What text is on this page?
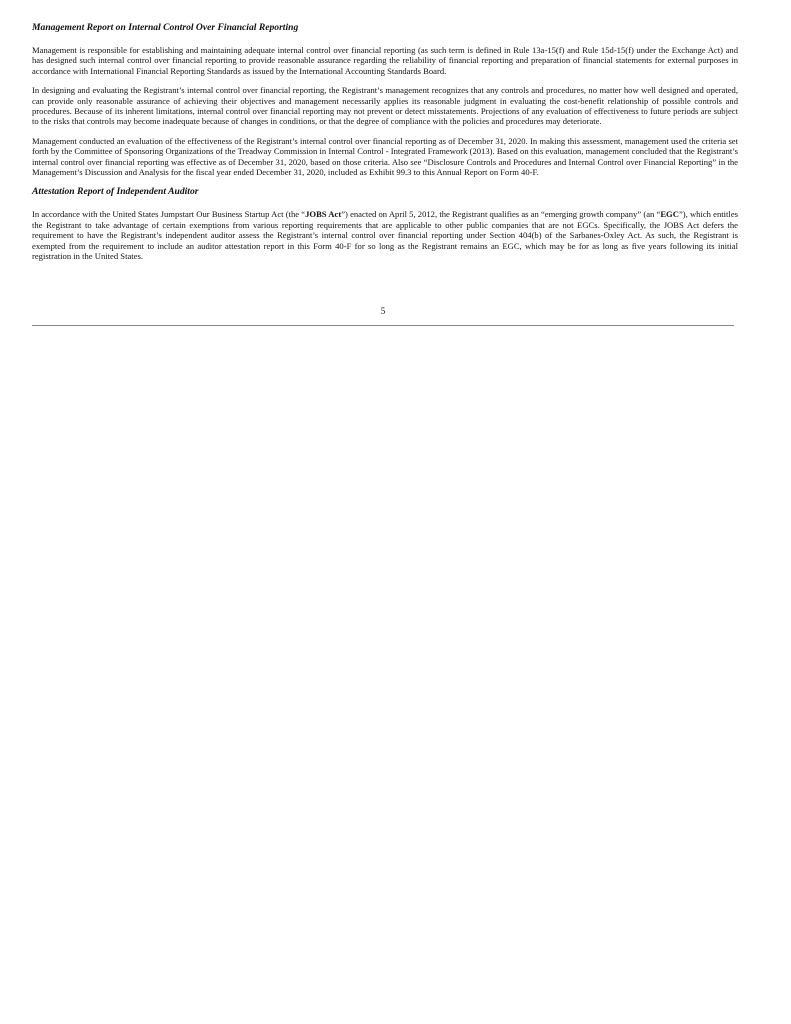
Management Report on Internal Control Over Financial Reporting

Management is responsible for establishing and maintaining adequate internal control over financial reporting (as such term is defined in Rule 13a-15(f) and Rule 15d-15(f) under the Exchange Act) and has designed such internal control over financial reporting to provide reasonable assurance regarding the reliability of financial reporting and preparation of financial statements for external purposes in accordance with International Financial Reporting Standards as issued by the International Accounting Standards Board.

In designing and evaluating the Registrant’s internal control over financial reporting, the Registrant’s management recognizes that any controls and procedures, no matter how well designed and operated, can provide only reasonable assurance of achieving their objectives and management necessarily applies its reasonable judgment in evaluating the cost-benefit relationship of possible controls and procedures. Because of its inherent limitations, internal control over financial reporting may not prevent or detect misstatements. Projections of any evaluation of effectiveness to future periods are subject to the risks that controls may become inadequate because of changes in conditions, or that the degree of compliance with the policies and procedures may deteriorate.

Management conducted an evaluation of the effectiveness of the Registrant’s internal control over financial reporting as of December 31, 2020. In making this assessment, management used the criteria set forth by the Committee of Sponsoring Organizations of the Treadway Commission in Internal Control - Integrated Framework (2013). Based on this evaluation, management concluded that the Registrant’s internal control over financial reporting was effective as of December 31, 2020, based on those criteria. Also see “Disclosure Controls and Procedures and Internal Control over Financial Reporting” in the Management’s Discussion and Analysis for the fiscal year ended December 31, 2020, included as Exhibit 99.3 to this Annual Report on Form 40-F.

Attestation Report of Independent Auditor

In accordance with the United States Jumpstart Our Business Startup Act (the “JOBS Act”) enacted on April 5, 2012, the Registrant qualifies as an “emerging growth company” (an “EGC”), which entitles the Registrant to take advantage of certain exemptions from various reporting requirements that are applicable to other public companies that are not EGCs. Specifically, the JOBS Act defers the requirement to have the Registrant’s independent auditor assess the Registrant’s internal control over financial reporting under Section 404(b) of the Sarbanes-Oxley Act. As such, the Registrant is exempted from the requirement to include an auditor attestation report in this Form 40-F for so long as the Registrant remains an EGC, which may be for as long as five years following its initial registration in the United States.

5
